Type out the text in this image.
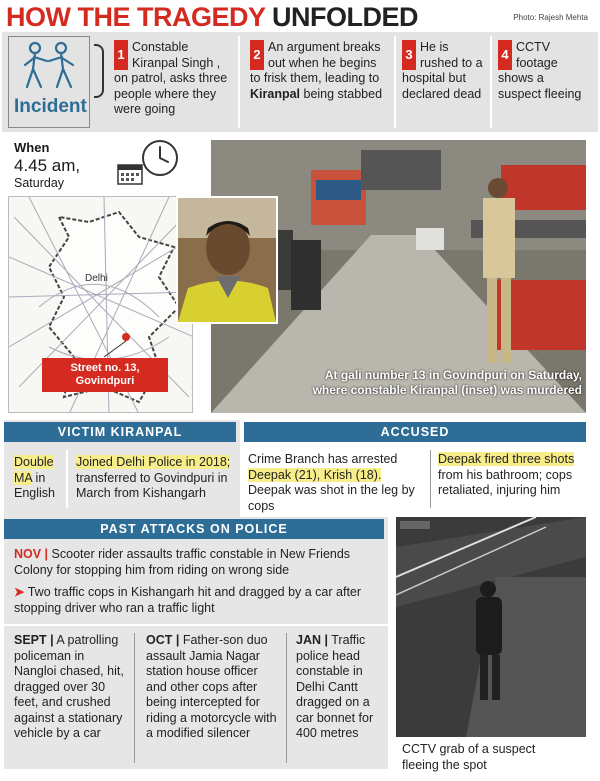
HOW THE TRAGEDY UNFOLDED	Photo: Rajesh Mehta
Incident
1 Constable Kiranpal Singh , on patrol, asks three people where they were going
2 An argument breaks out when he begins to frisk them, leading to Kiranpal being stabbed
3 He is rushed to a hospital but declared dead
4 CCTV footage shows a suspect fleeing
When
4.45 am,
Saturday
Delhi
Street no. 13, Govindpuri	At gali number 13 in Govindpuri on Saturday, where constable Kiranpal (inset) was murdered
VICTIM KIRANPAL
Double MA in English
Joined Delhi Police in 2018; transferred to Govindpuri in March from Kishangarh
ACCUSED
Crime Branch has arrested Deepak (21), Krish (18). Deepak was shot in the leg by cops
Deepak fired three shots from his bathroom; cops retaliated, injuring him
PAST ATTACKS ON POLICE
NOV | Scooter rider assaults traffic constable in New Friends Colony for stopping him from riding on wrong side
➤ Two traffic cops in Kishangarh hit and dragged by a car after stopping driver who ran a traffic light
SEPT | A patrolling policeman in Nangloi chased, hit, dragged over 30 feet, and crushed against a stationary vehicle by a car
OCT | Father-son duo assault Jamia Nagar station house officer and other cops after being intercepted for riding a motorcycle with a modified silencer
JAN | Traffic police head constable in Delhi Cantt dragged on a car bonnet for 400 metres
CCTV grab of a suspect fleeing the spot
